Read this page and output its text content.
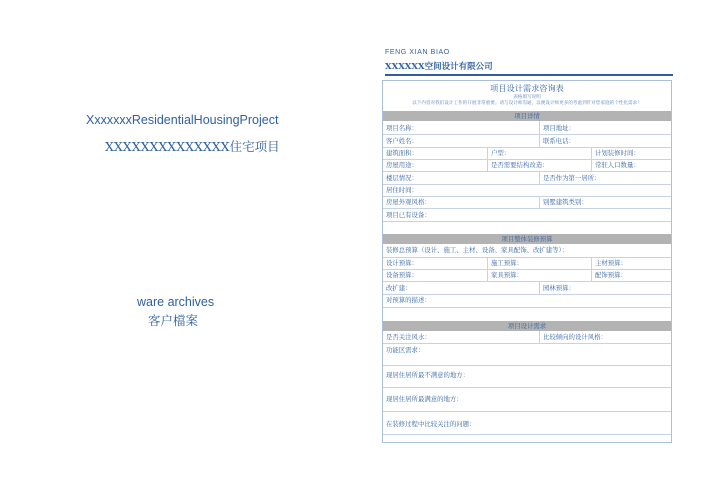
XxxxxxxResidentialHousingProject
XXXXXXXXXXXXXX住宅项目
ware archives
客户檔案
FENG XIAN BIAO
XXXXXX空间设计有限公司
项目设计需求咨询表
表格填写说明
以下内容对我们设计工作的开展非常重要。请与设计师沟通，以便设计师更多的考虑到针对您家庭的个性化需求！
项目详情
项目名称：	项目地址：
客户姓名：	联系电话：
建筑面积：	户型：	计划装修时间：
房屋用途：	是否需要结构改造：	常驻人口数量：
楼层情况：	是否作为第一居所：
居住时间：
房屋外观风格：	别墅建筑类别：
项目已有设备：
项目整体装修预算
装修总预算（设计、施工、主材、设备、家具配饰、改扩建等）：
设计预算：	施工预算：	主材预算：
设备预算：	家具预算：	配饰预算：
改扩建：	园林预算：
对预算的描述：
项目设计需求
是否关注风水：	比较倾向的设计风格：
功能区需求：
现居住居所最不满意的地方：
现居住居所最满意的地方：
在装修过程中比较关注的问题：
